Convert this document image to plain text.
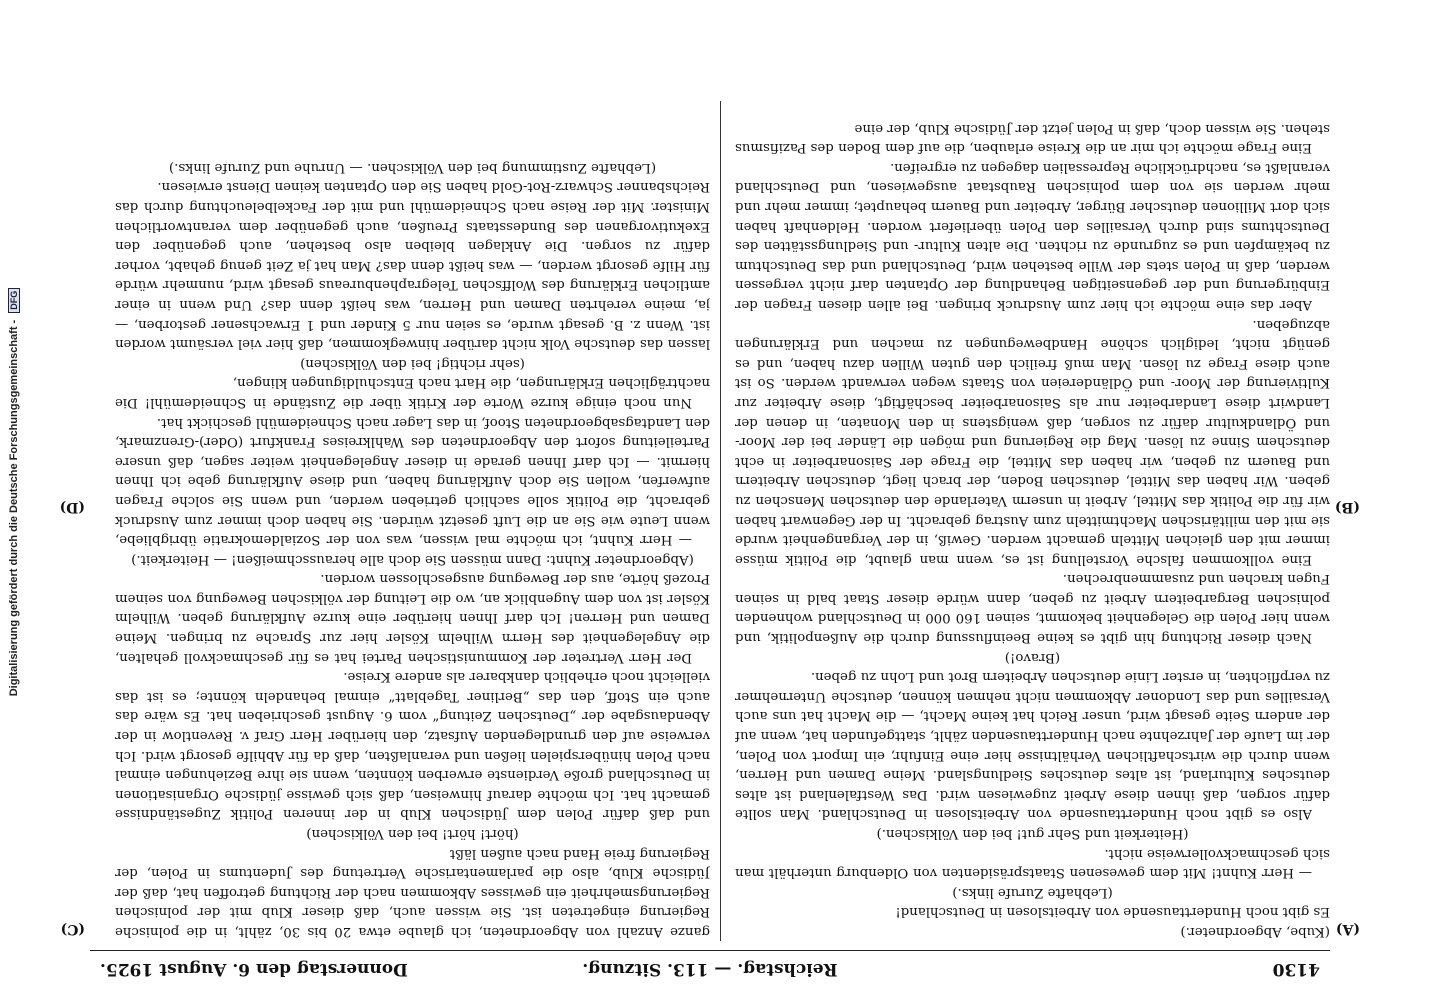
4130
Reichstag. — 113. Sitzung.
Donnerstag den 6. August 1925.

(Kube, Abgeordneter.)

Es gibt noch Hunderttausende von Arbeitslosen in Deutschland!

(Lebhafte Zurufe links.)

— Herr Kuhnt! Mit dem gewesenen Staatspräsidenten von Oldenburg unterhält man sich geschmackvollerweise nicht.

(Heiterkeit und Sehr gut! bei den Völkischen.)

Also es gibt noch Hunderttausende von Arbeitslosen in Deutschland. Man sollte dafür sorgen, daß ihnen diese Arbeit zugewiesen wird. Das Westfalenland ist altes deutsches Kulturland, ist altes deutsches Siedlungsland. Meine Damen und Herren, wenn durch die wirtschaftlichen Verhältnisse hier eine Einfuhr, ein Import von Polen, der im Laufe der Jahrzehnte nach Hunderttausenden zählt, stattgefunden hat, wenn auf der andern Seite gesagt wird, unser Reich hat keine Macht, — die Macht hat uns auch Versailles und das Londoner Abkommen nicht nehmen können, deutsche Unternehmer zu verpflichten, in erster Linie deutschen Arbeitern Brot und Lohn zu geben.

(Bravo!)

Nach dieser Richtung hin gibt es keine Beeinflussung durch die Außenpolitik, und wenn hier Polen die Gelegenheit bekommt, seinen 160 000 in Deutschland wohnenden polnischen Bergarbeitern Arbeit zu geben, dann würde dieser Staat bald in seinen Fugen krachen und zusammenbrechen.

Eine vollkommen falsche Vorstellung ist es, wenn man glaubt, die Politik müsse immer mit den gleichen Mitteln gemacht werden. Gewiß, in der Vergangenheit wurde sie mit den militärischen Machtmitteln zum Austrag gebracht. In der Gegenwart haben wir für die Politik das Mittel, Arbeit in unserm Vaterlande den deutschen Menschen zu geben. Wir haben das Mittel, deutschen Boden, der brach liegt, deutschen Arbeitern und Bauern zu geben, wir haben das Mittel, die Frage der Saisonarbeiter in echt deutschem Sinne zu lösen. Mag die Regierung und mögen die Länder bei der Moor- und Ödlandkultur dafür zu sorgen, daß wenigstens in den Monaten, in denen der Landwirt diese Landarbeiter nur als Saisonarbeiter beschäftigt, diese Arbeiter zur Kultivierung der Moor- und Ödländereien von Staats wegen verwandt werden. So ist auch diese Frage zu lösen. Man muß freilich den guten Willen dazu haben, und es genügt nicht, lediglich schöne Handbewegungen zu machen und Erklärungen abzugeben.

Aber das eine möchte ich hier zum Ausdruck bringen. Bei allen diesen Fragen der Einbürgerung und der gegenseitigen Behandlung der Optanten darf nicht vergessen werden, daß in Polen stets der Wille bestehen wird, Deutschland und das Deutschtum zu bekämpfen und es zugrunde zu richten. Die alten Kultur- und Siedlungsstätten des Deutschtums sind durch Versailles den Polen überliefert worden. Heldenhaft haben sich dort Millionen deutscher Bürger, Arbeiter und Bauern behauptet; immer mehr und mehr werden sie von dem polnischen Raubstaat ausgewiesen, und Deutschland veranlaßt es, nachdrückliche Repressalien dagegen zu ergreifen.

Eine Frage möchte ich mir an die Kreise erlauben, die auf dem Boden des Pazifismus stehen. Sie wissen doch, daß in Polen jetzt der Jüdische Klub, der eine

ganze Anzahl von Abgeordneten, ich glaube etwa 20 bis 30, zählt, in die polnische Regierung eingetreten ist. Sie wissen auch, daß dieser Klub mit der polnischen Regierungsmehrheit ein gewisses Abkommen nach der Richtung getroffen hat, daß der Jüdische Klub, also die parlamentarische Vertretung des Judentums in Polen, der Regierung freie Hand nach außen läßt

(hört! hört! bei den Völkischen)

und daß dafür Polen dem Jüdischen Klub in der inneren Politik Zugeständnisse gemacht hat. Ich möchte darauf hinweisen, daß sich gewisse jüdische Organisationen in Deutschland große Verdienste erwerben könnten, wenn sie ihre Beziehungen einmal nach Polen hinüberspielen ließen und veranlaßten, daß da für Abhilfe gesorgt wird. Ich verweise auf den grundlegenden Aufsatz, den hierüber Herr Graf v. Reventlow in der Abendausgabe der „Deutschen Zeitung“ vom 6. August geschrieben hat. Es wäre das auch ein Stoff, den das „Berliner Tageblatt“ einmal behandeln könnte; es ist das vielleicht noch erheblich dankbarer als andere Kreise.

Der Herr Vertreter der Kommunistischen Partei hat es für geschmackvoll gehalten, die Angelegenheit des Herrn Wilhelm Kösler hier zur Sprache zu bringen. Meine Damen und Herren! Ich darf Ihnen hierüber eine kurze Aufklärung geben. Wilhelm Kösler ist von dem Augenblick an, wo die Leitung der völkischen Bewegung von seinem Prozeß hörte, aus der Bewegung ausgeschlossen worden.

(Abgeordneter Kuhnt: Dann müssen Sie doch alle herausschmeißen! — Heiterkeit.)

— Herr Kuhnt, ich möchte mal wissen, was von der Sozialdemokratie übrigbliebe, wenn Leute wie Sie an die Luft gesetzt würden. Sie haben doch immer zum Ausdruck gebracht, die Politik solle sachlich getrieben werden, und wenn Sie solche Fragen aufwerfen, wollen Sie doch Aufklärung haben, und diese Aufklärung gebe ich Ihnen hiermit. — Ich darf Ihnen gerade in dieser Angelegenheit weiter sagen, daß unsere Parteileitung sofort den Abgeordneten des Wahlkreises Frankfurt (Oder)-Grenzmark, den Landtagsabgeordneten Stoof, in das Lager nach Schneidemühl geschickt hat.

Nun noch einige kurze Worte der Kritik über die Zustände in Schneidemühl! Die nachträglichen Erklärungen, die Hart nach Entschuldigungen klingen,

(sehr richtig! bei den Völkischen)

lassen das deutsche Volk nicht darüber hinwegkommen, daß hier viel versäumt worden ist. Wenn z. B. gesagt wurde, es seien nur 5 Kinder und 1 Erwachsener gestorben, — ja, meine verehrten Damen und Herren, was heißt denn das? Und wenn in einer amtlichen Erklärung des Wolffschen Telegraphenbureaus gesagt wird, nunmehr würde für Hilfe gesorgt werden, — was heißt denn das? Man hat ja Zeit genug gehabt, vorher dafür zu sorgen. Die Anklagen bleiben also bestehen, auch gegenüber den Exekutivorganen des Bundesstaats Preußen, auch gegenüber dem verantwortlichen Minister. Mit der Reise nach Schneidemühl und mit der Fackelbeleuchtung durch das Reichsbanner Schwarz-Rot-Gold haben Sie den Optanten keinen Dienst erwiesen.

(Lebhafte Zustimmung bei den Völkischen. — Unruhe und Zurufe links.)

(A)
(B)
(C)
(D)
Digitalisierung gefördert durch die Deutsche Forschungsgemeinschaft - DFG
